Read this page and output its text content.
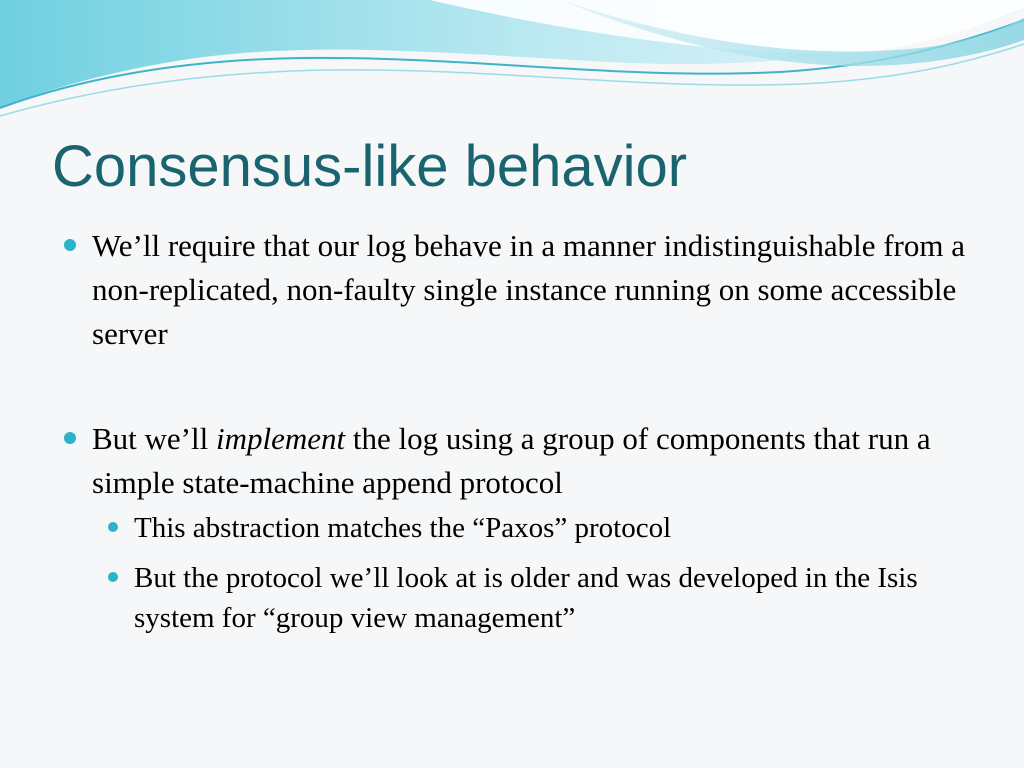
Consensus-like behavior
We’ll require that our log behave in a manner indistinguishable from a non-replicated, non-faulty single instance running on some accessible server
But we’ll implement the log using a group of components that run a simple state-machine append protocol
This abstraction matches the “Paxos” protocol
But the protocol we’ll look at is older and was developed in the Isis system for “group view management”
